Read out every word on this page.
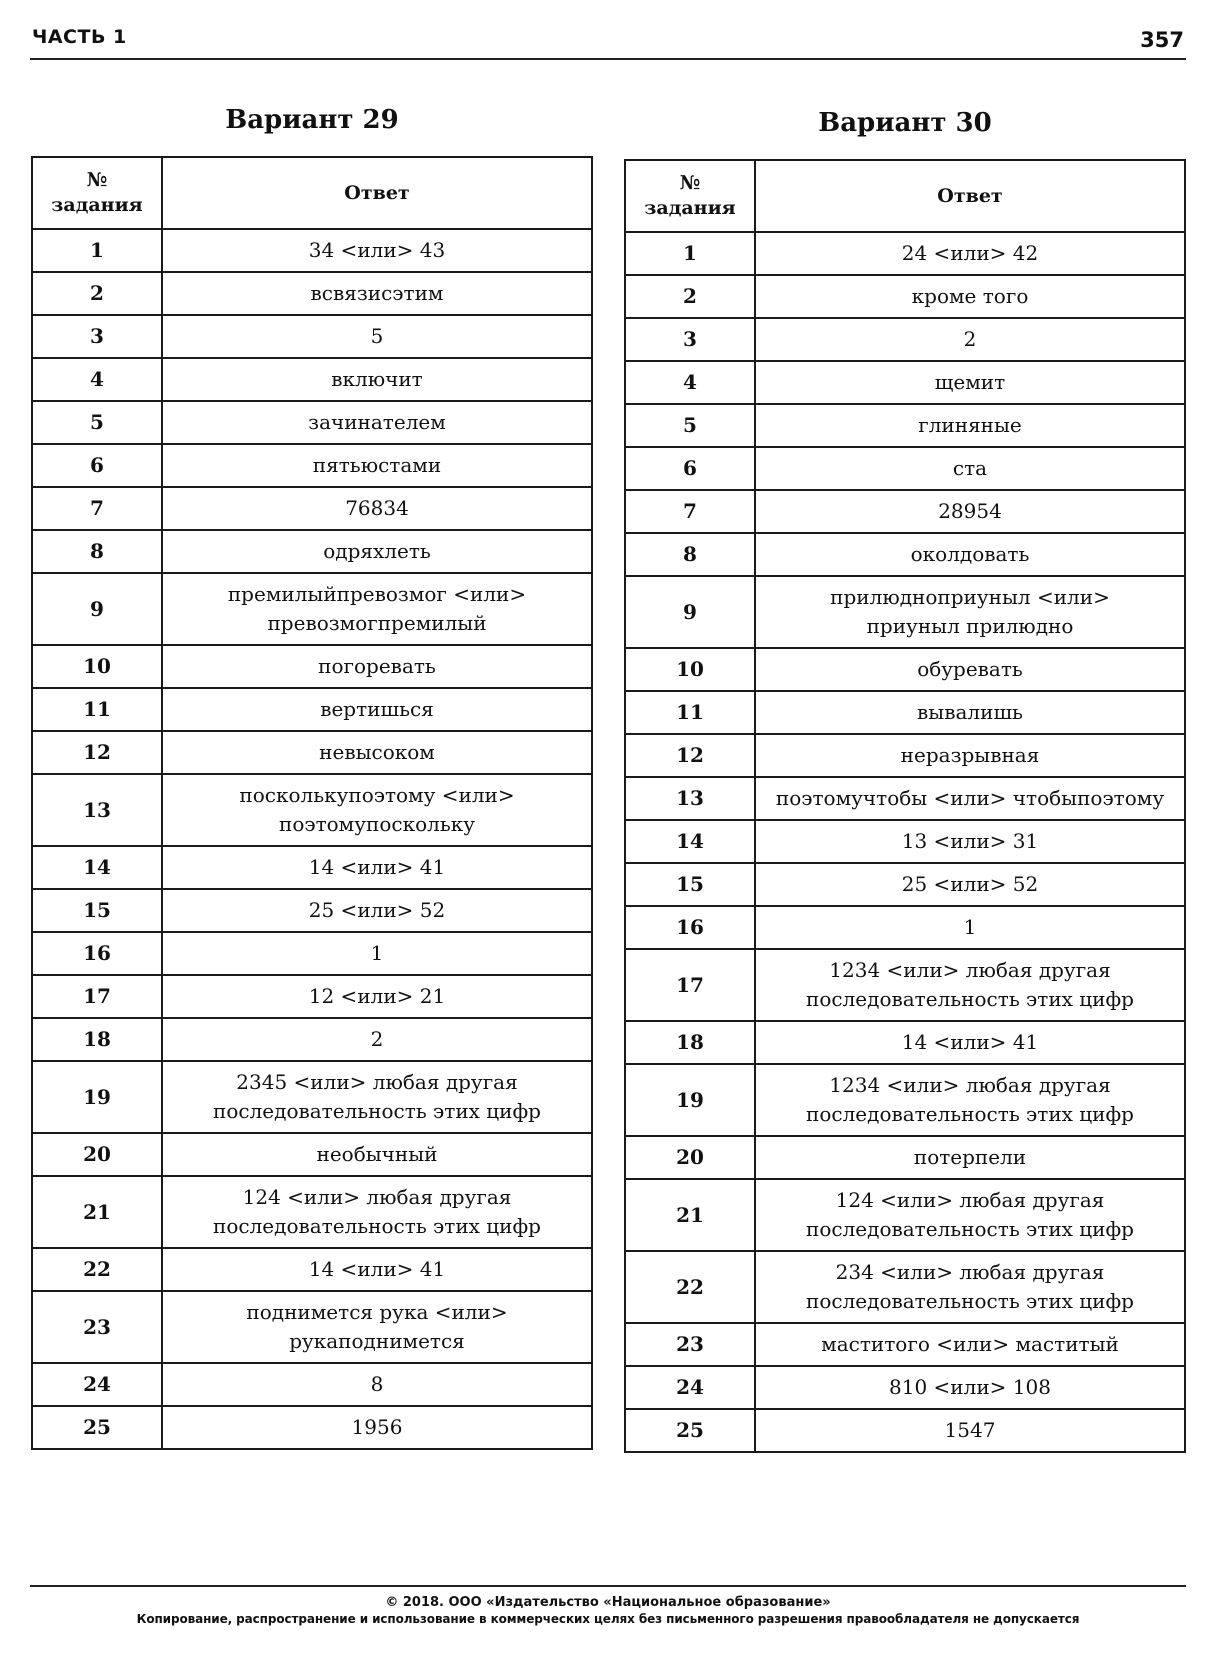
ЧАСТЬ 1	357
Вариант 29
№
задания	Ответ
1	34 <или> 43
2	всвязисэтим
3	5
4	включит
5	зачинателем
6	пятьюстами
7	76834
8	одряхлеть
9	премилыйпревозмог <или>
превозмогпремилый
10	погоревать
11	вертишься
12	невысоком
13	посколькупоэтому <или>
поэтомупоскольку
14	14 <или> 41
15	25 <или> 52
16	1
17	12 <или> 21
18	2
19	2345 <или> любая другая
последовательность этих цифр
20	необычный
21	124 <или> любая другая
последовательность этих цифр
22	14 <или> 41
23	поднимется рука <или>
рукаподнимется
24	8
25	1956
Вариант 30
№
задания	Ответ
1	24 <или> 42
2	кроме того
3	2
4	щемит
5	глиняные
6	ста
7	28954
8	околдовать
9	прилюдноприуныл <или>
приуныл прилюдно
10	обуревать
11	вывалишь
12	неразрывная
13	поэтомучтобы <или> чтобыпоэтому
14	13 <или> 31
15	25 <или> 52
16	1
17	1234 <или> любая другая
последовательность этих цифр
18	14 <или> 41
19	1234 <или> любая другая
последовательность этих цифр
20	потерпели
21	124 <или> любая другая
последовательность этих цифр
22	234 <или> любая другая
последовательность этих цифр
23	маститого <или> маститый
24	810 <или> 108
25	1547
© 2018. ООО «Издательство «Национальное образование»
Копирование, распространение и использование в коммерческих целях без письменного разрешения правообладателя не допускается
